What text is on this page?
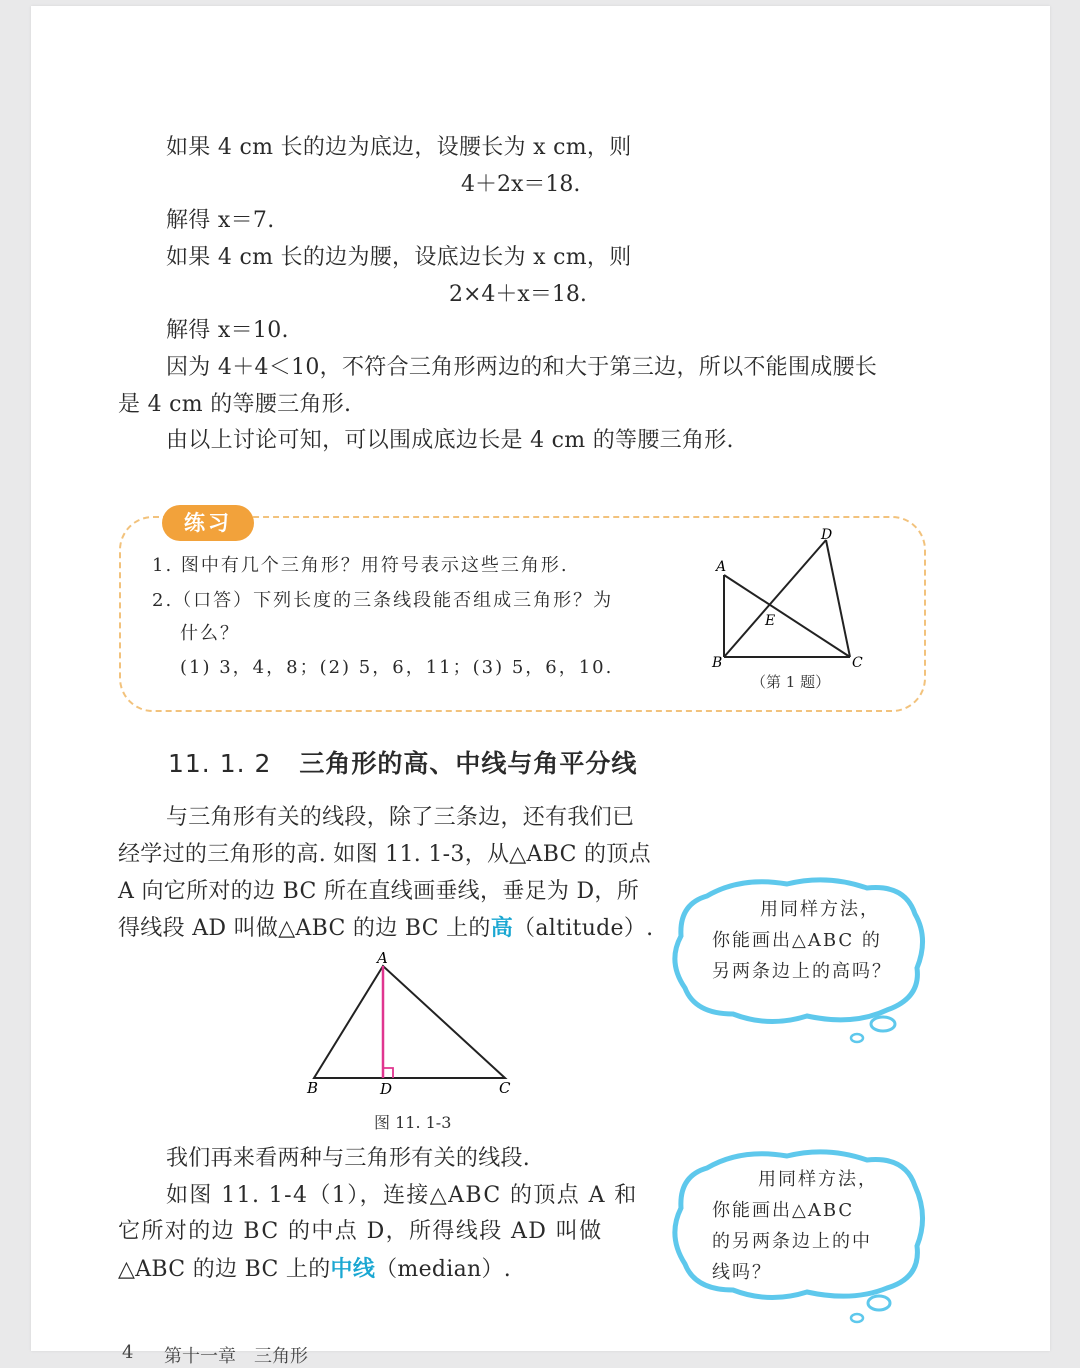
如果 4 cm 长的边为底边，设腰长为 x cm，则
4＋2x＝18.
解得 x＝7.
如果 4 cm 长的边为腰，设底边长为 x cm，则
2×4＋x＝18.
解得 x＝10.
因为 4＋4＜10，不符合三角形两边的和大于第三边，所以不能围成腰长
是 4 cm 的等腰三角形.
由以上讨论可知，可以围成底边长是 4 cm 的等腰三角形.
练习
1. 图中有几个三角形？用符号表示这些三角形.
2.（口答）下列长度的三条线段能否组成三角形？为
什么？
(1) 3，4，8；(2) 5，6，11；(3) 5，6，10.
A
B	C
D
E
（第 1 题）
11. 1. 2 三角形的高、中线与角平分线
与三角形有关的线段，除了三条边，还有我们已
经学过的三角形的高. 如图 11. 1-3，从△ABC 的顶点
A 向它所对的边 BC 所在直线画垂线，垂足为 D，所
得线段 AD 叫做△ABC 的边 BC 上的高（altitude）.
A
B	D	C
图 11. 1-3
用同样方法，
你能画出△ABC 的
另两条边上的高吗？
我们再来看两种与三角形有关的线段.
如图 11. 1-4（1），连接△ABC 的顶点 A 和
它所对的边 BC 的中点 D，所得线段 AD 叫做
△ABC 的边 BC 上的中线（median）.
用同样方法，
你能画出△ABC
的另两条边上的中
线吗？
4 第十一章　三角形
